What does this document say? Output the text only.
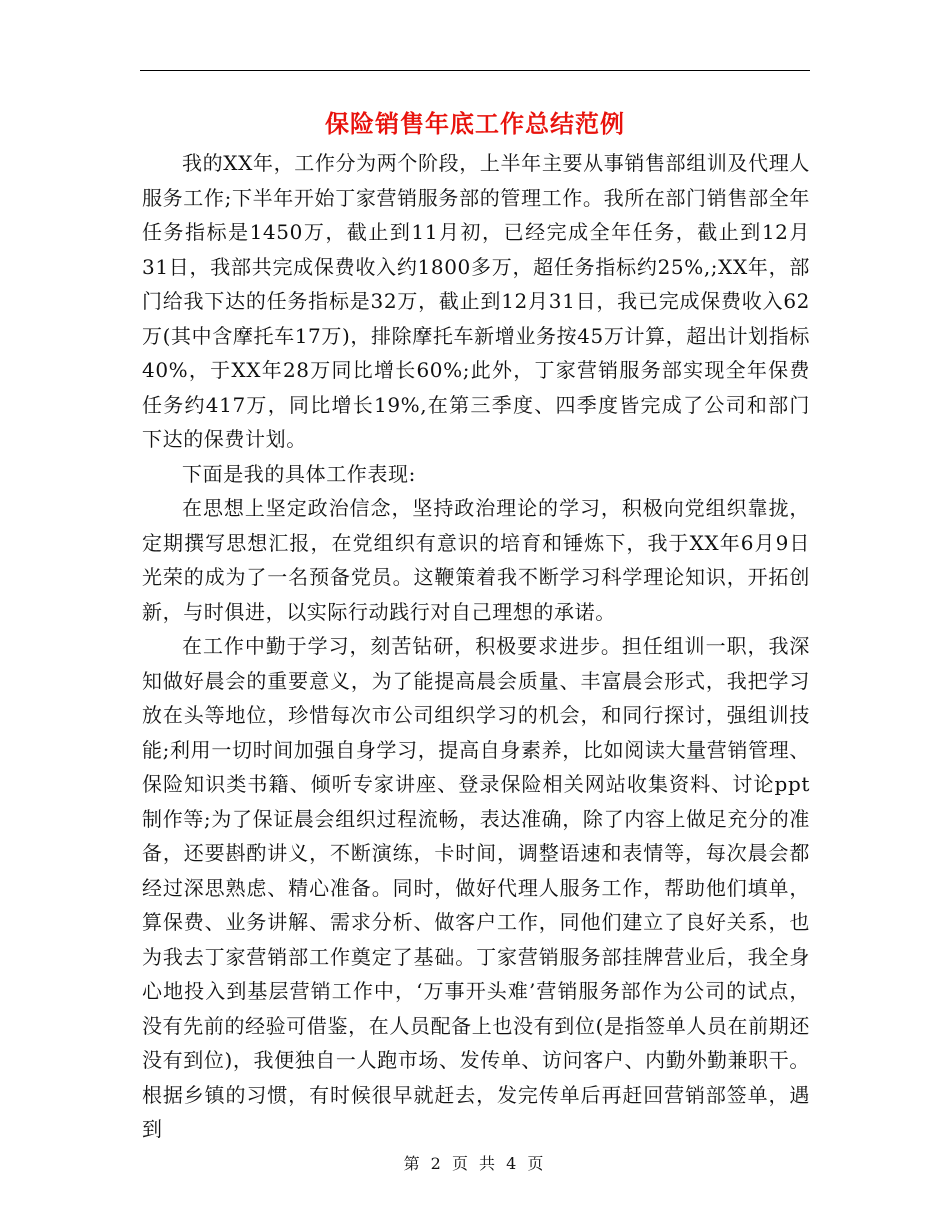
保险销售年底工作总结范例

我的XX年，工作分为两个阶段，上半年主要从事销售部组训及代理人服务工作;下半年开始丁家营销服务部的管理工作。我所在部门销售部全年任务指标是1450万，截止到11月初，已经完成全年任务，截止到12月31日，我部共完成保费收入约1800多万，超任务指标约25%,;XX年，部门给我下达的任务指标是32万，截止到12月31日，我已完成保费收入62万(其中含摩托车17万)，排除摩托车新增业务按45万计算，超出计划指标40%，于XX年28万同比增长60%;此外，丁家营销服务部实现全年保费任务约417万，同比增长19%,在第三季度、四季度皆完成了公司和部门下达的保费计划。

下面是我的具体工作表现:

在思想上坚定政治信念，坚持政治理论的学习，积极向党组织靠拢，定期撰写思想汇报，在党组织有意识的培育和锤炼下，我于XX年6月9日光荣的成为了一名预备党员。这鞭策着我不断学习科学理论知识，开拓创新，与时俱进，以实际行动践行对自己理想的承诺。

在工作中勤于学习，刻苦钻研，积极要求进步。担任组训一职，我深知做好晨会的重要意义，为了能提高晨会质量、丰富晨会形式，我把学习放在头等地位，珍惜每次市公司组织学习的机会，和同行探讨，强组训技能;利用一切时间加强自身学习，提高自身素养，比如阅读大量营销管理、保险知识类书籍、倾听专家讲座、登录保险相关网站收集资料、讨论ppt制作等;为了保证晨会组织过程流畅，表达准确，除了内容上做足充分的准备，还要斟酌讲义，不断演练，卡时间，调整语速和表情等，每次晨会都经过深思熟虑、精心准备。同时，做好代理人服务工作，帮助他们填单，算保费、业务讲解、需求分析、做客户工作，同他们建立了良好关系，也为我去丁家营销部工作奠定了基础。丁家营销服务部挂牌营业后，我全身心地投入到基层营销工作中，‘万事开头难’营销服务部作为公司的试点，没有先前的经验可借鉴，在人员配备上也没有到位(是指签单人员在前期还没有到位)，我便独自一人跑市场、发传单、访问客户、内勤外勤兼职干。根据乡镇的习惯，有时候很早就赶去，发完传单后再赶回营销部签单，遇到

第 2 页 共 4 页
